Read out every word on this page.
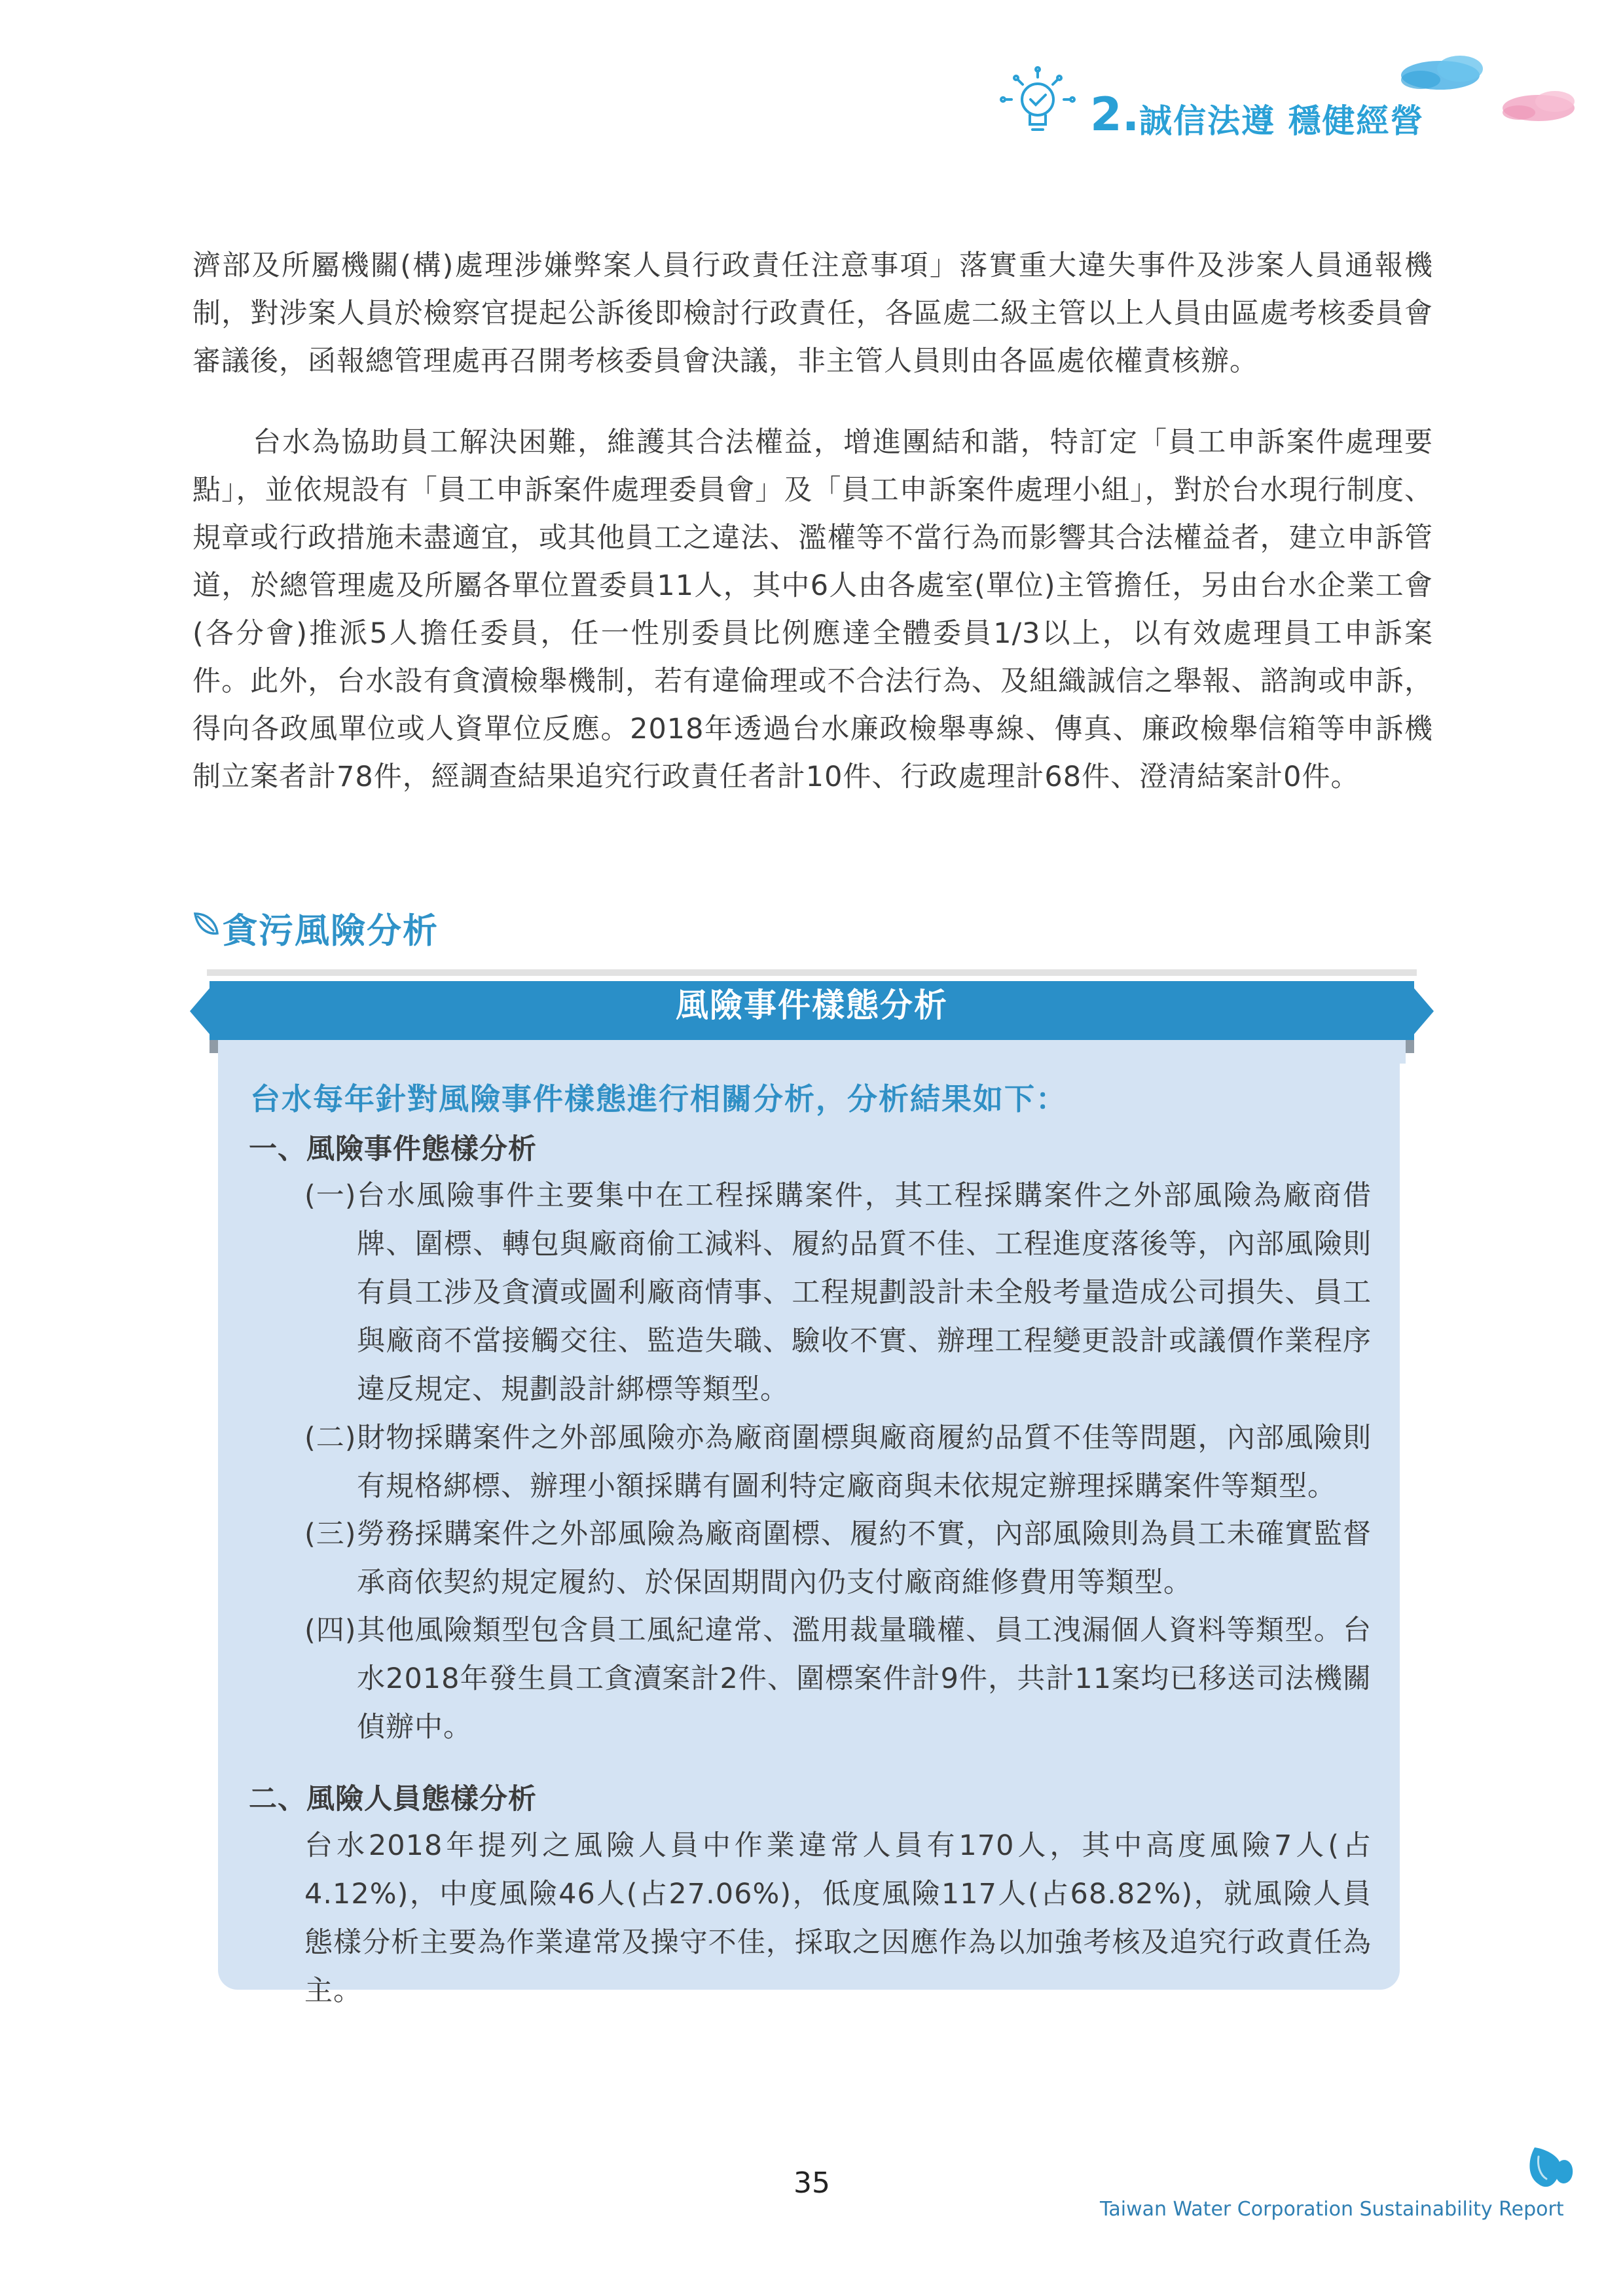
2. 誠信法遵 穩健經營
濟部及所屬機關(構)處理涉嫌弊案人員行政責任注意事項」落實重大違失事件及涉案人員通報機制，對涉案人員於檢察官提起公訴後即檢討行政責任，各區處二級主管以上人員由區處考核委員會審議後，函報總管理處再召開考核委員會決議，非主管人員則由各區處依權責核辦。
台水為協助員工解決困難，維護其合法權益，增進團結和諧，特訂定「員工申訴案件處理要點」，並依規設有「員工申訴案件處理委員會」及「員工申訴案件處理小組」，對於台水現行制度、規章或行政措施未盡適宜，或其他員工之違法、濫權等不當行為而影響其合法權益者，建立申訴管道，於總管理處及所屬各單位置委員11人，其中6人由各處室(單位)主管擔任，另由台水企業工會(各分會)推派5人擔任委員，任一性別委員比例應達全體委員1/3以上，以有效處理員工申訴案件。此外，台水設有貪瀆檢舉機制，若有違倫理或不合法行為、及組織誠信之舉報、諮詢或申訴，得向各政風單位或人資單位反應。2018年透過台水廉政檢舉專線、傳真、廉政檢舉信箱等申訴機制立案者計78件，經調查結果追究行政責任者計10件、行政處理計68件、澄清結案計0件。
貪污風險分析
風險事件樣態分析
台水每年針對風險事件樣態進行相關分析，分析結果如下：
一、風險事件態樣分析
(一) 台水風險事件主要集中在工程採購案件，其工程採購案件之外部風險為廠商借牌、圍標、轉包與廠商偷工減料、履約品質不佳、工程進度落後等，內部風險則有員工涉及貪瀆或圖利廠商情事、工程規劃設計未全般考量造成公司損失、員工與廠商不當接觸交往、監造失職、驗收不實、辦理工程變更設計或議價作業程序違反規定、規劃設計綁標等類型。
(二) 財物採購案件之外部風險亦為廠商圍標與廠商履約品質不佳等問題，內部風險則有規格綁標、辦理小額採購有圖利特定廠商與未依規定辦理採購案件等類型。
(三) 勞務採購案件之外部風險為廠商圍標、履約不實，內部風險則為員工未確實監督承商依契約規定履約、於保固期間內仍支付廠商維修費用等類型。
(四) 其他風險類型包含員工風紀違常、濫用裁量職權、員工洩漏個人資料等類型。台水2018年發生員工貪瀆案計2件、圍標案件計9件，共計11案均已移送司法機關偵辦中。
二、風險人員態樣分析
台水2018年提列之風險人員中作業違常人員有170人，其中高度風險7人(占4.12%)，中度風險46人(占27.06%)，低度風險117人(占68.82%)，就風險人員態樣分析主要為作業違常及操守不佳，採取之因應作為以加強考核及追究行政責任為主。
35
Taiwan Water Corporation Sustainability Report
